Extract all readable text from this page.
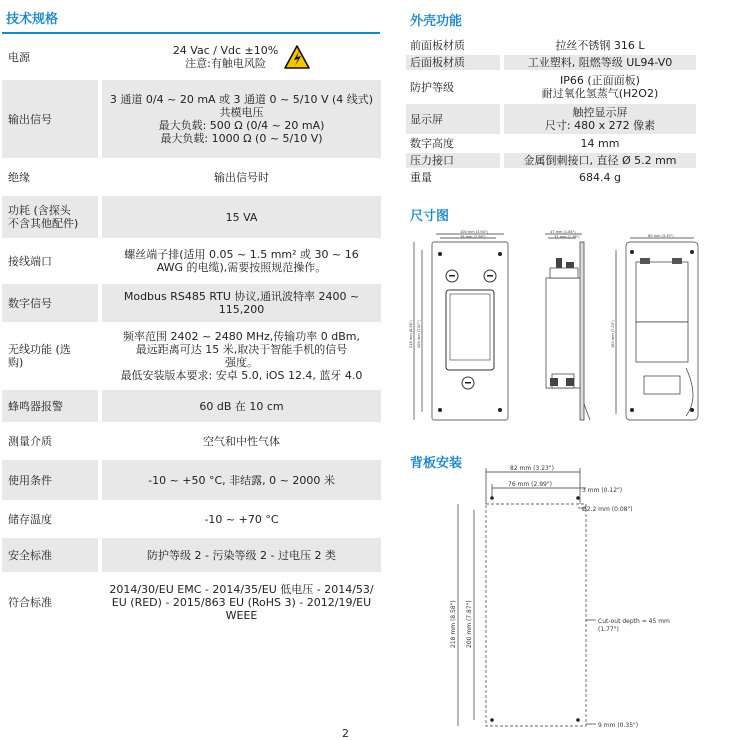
技术规格
电源	24 Vac / Vdc ±10%
注意:有触电风险

输出信号	3 通道 0/4 ~ 20 mA 或 3 通道 0 ~ 5/10 V (4 线式)
共模电压
最大负载: 500 Ω (0/4 ~ 20 mA)
最大负载: 1000 Ω (0 ~ 5/10 V)

绝缘	输出信号时

功耗 (含探头
不含其他配件)	15 VA

接线端口	螺丝端子排(适用 0.05 ~ 1.5 mm² 或 30 ~ 16
AWG 的电缆),需要按照规范操作。

数字信号	Modbus RS485 RTU 协议,通讯波特率 2400 ~
115,200

无线功能 (选
购)	频率范围 2402 ~ 2480 MHz,传输功率 0 dBm,
最远距离可达 15 米,取决于智能手机的信号
强度。
最低安装版本要求: 安卓 5.0, iOS 12.4, 蓝牙 4.0

蜂鸣器报警	60 dB 在 10 cm

测量介质	空气和中性气体

使用条件	-10 ~ +50 °C, 非结露, 0 ~ 2000 米

储存温度	-10 ~ +70 °C

安全标准	防护等级 2 - 污染等级 2 - 过电压 2 类

符合标准	2014/30/EU EMC - 2014/35/EU 低电压 - 2014/53/
EU (RED) - 2015/863 EU (RoHS 3) - 2012/19/EU
WEEE
外壳功能
前面板材质	拉丝不锈钢 316 L

后面板材质	工业塑料, 阻燃等级 UL94-V0

防护等级	IP66 (正面面板)
耐过氧化氢蒸气(H2O2)

显示屏	触控显示屏
尺寸: 480 x 272 像素

数字高度	14 mm

压力接口	金属倒刺接口, 直径 Ø 5.2 mm

重量	684.4 g
尺寸图
100 mm (3.94")
76 mm (2.99")
218 mm (8.58") 200 mm (7.87")
47 mm (1.85")
32 mm (1.26")	89 mm (3.15")
183 mm (7.20")
背板安装	82 mm (3.23")
76 mm (2.99")
3 mm (0.12")
Ø2.2 mm (0.08")
218 mm (8.58") 200 mm (7.87")	Cut-out depth = 45 mm
(1,77")
9 mm (0.35")
2
